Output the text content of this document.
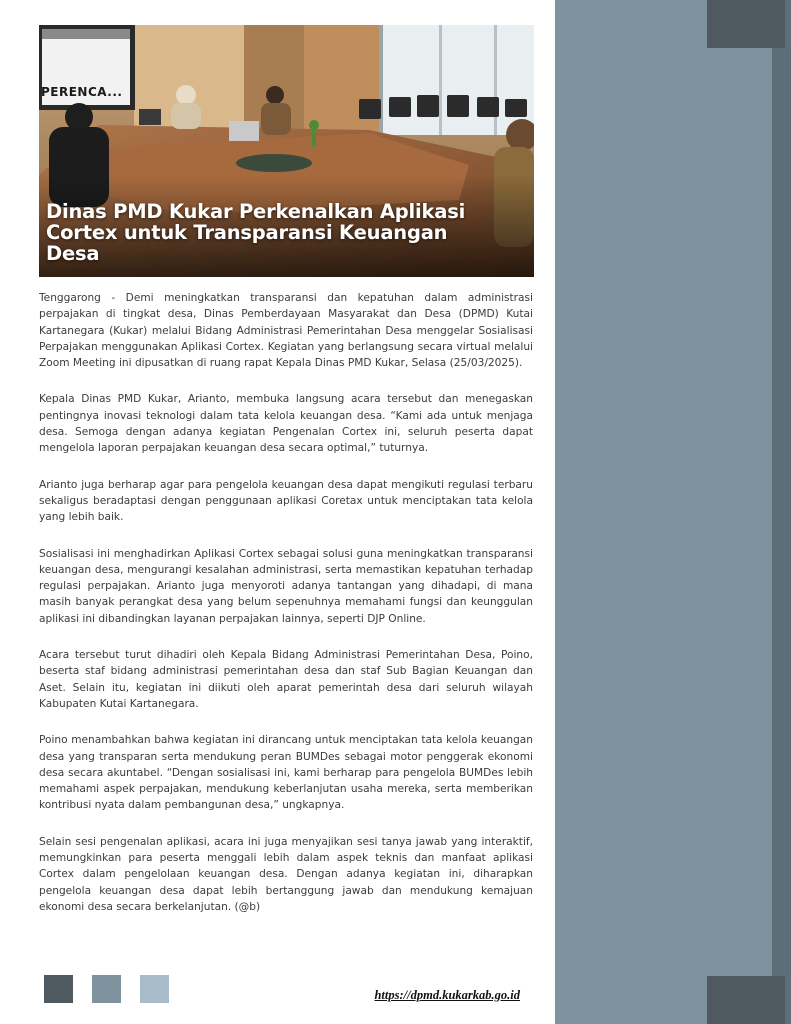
PERENCA...
Dinas PMD Kukar Perkenalkan Aplikasi Cortex untuk Transparansi Keuangan Desa

Tenggarong - Demi meningkatkan transparansi dan kepatuhan dalam administrasi perpajakan di tingkat desa, Dinas Pemberdayaan Masyarakat dan Desa (DPMD) Kutai Kartanegara (Kukar) melalui Bidang Administrasi Pemerintahan Desa menggelar Sosialisasi Perpajakan menggunakan Aplikasi Cortex. Kegiatan yang berlangsung secara virtual melalui Zoom Meeting ini dipusatkan di ruang rapat Kepala Dinas PMD Kukar, Selasa (25/03/2025).

Kepala Dinas PMD Kukar, Arianto, membuka langsung acara tersebut dan menegaskan pentingnya inovasi teknologi dalam tata kelola keuangan desa. “Kami ada untuk menjaga desa. Semoga dengan adanya kegiatan Pengenalan Cortex ini, seluruh peserta dapat mengelola laporan perpajakan keuangan desa secara optimal,” tuturnya.

Arianto juga berharap agar para pengelola keuangan desa dapat mengikuti regulasi terbaru sekaligus beradaptasi dengan penggunaan aplikasi Coretax untuk menciptakan tata kelola yang lebih baik.

Sosialisasi ini menghadirkan Aplikasi Cortex sebagai solusi guna meningkatkan transparansi keuangan desa, mengurangi kesalahan administrasi, serta memastikan kepatuhan terhadap regulasi perpajakan. Arianto juga menyoroti adanya tantangan yang dihadapi, di mana masih banyak perangkat desa yang belum sepenuhnya memahami fungsi dan keunggulan aplikasi ini dibandingkan layanan perpajakan lainnya, seperti DJP Online.

Acara tersebut turut dihadiri oleh Kepala Bidang Administrasi Pemerintahan Desa, Poino, beserta staf bidang administrasi pemerintahan desa dan staf Sub Bagian Keuangan dan Aset. Selain itu, kegiatan ini diikuti oleh aparat pemerintah desa dari seluruh wilayah Kabupaten Kutai Kartanegara.

Poino menambahkan bahwa kegiatan ini dirancang untuk menciptakan tata kelola keuangan desa yang transparan serta mendukung peran BUMDes sebagai motor penggerak ekonomi desa secara akuntabel. “Dengan sosialisasi ini, kami berharap para pengelola BUMDes lebih memahami aspek perpajakan, mendukung keberlanjutan usaha mereka, serta memberikan kontribusi nyata dalam pembangunan desa,” ungkapnya.

Selain sesi pengenalan aplikasi, acara ini juga menyajikan sesi tanya jawab yang interaktif, memungkinkan para peserta menggali lebih dalam aspek teknis dan manfaat aplikasi Cortex dalam pengelolaan keuangan desa. Dengan adanya kegiatan ini, diharapkan pengelola keuangan desa dapat lebih bertanggung jawab dan mendukung kemajuan ekonomi desa secara berkelanjutan. (@b)

https://dpmd.kukarkab.go.id
